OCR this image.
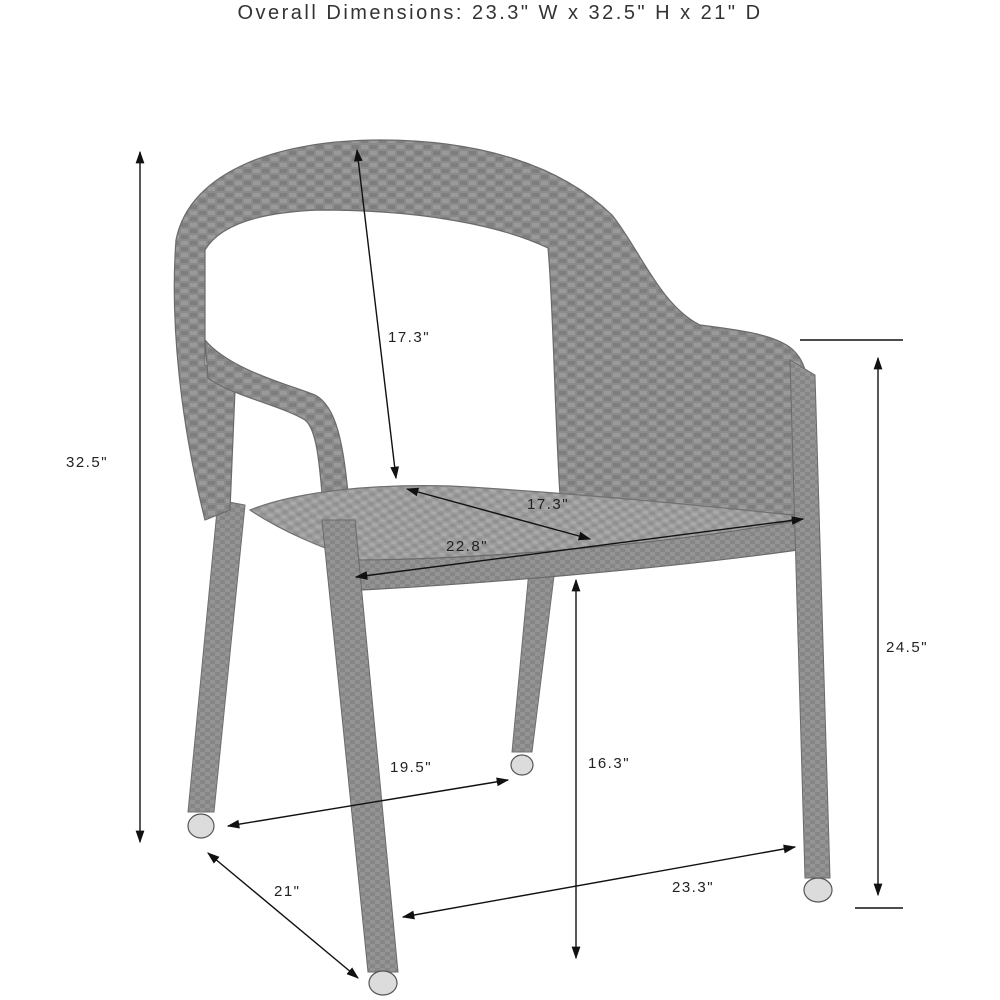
Overall Dimensions: 23.3" W x 32.5" H x 21" D
32.5"
17.3"
17.3"
22.8"
24.5"
16.3"
19.5"
21"	23.3"
